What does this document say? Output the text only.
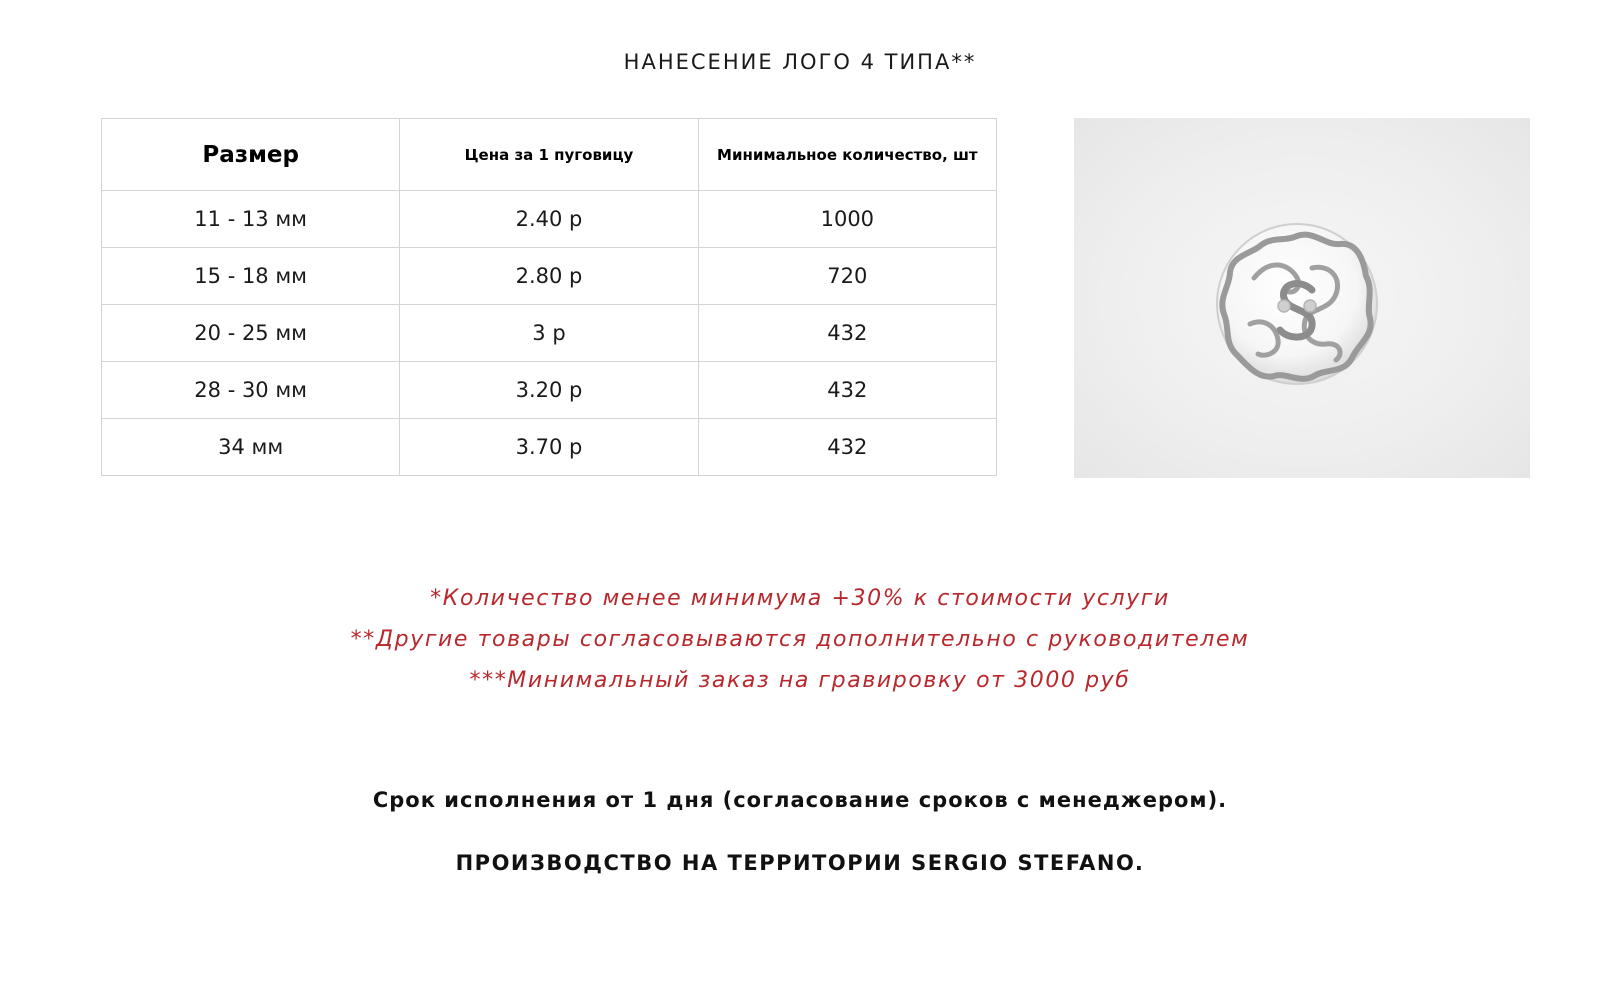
НАНЕСЕНИЕ ЛОГО 4 ТИПА**
Размер	Цена за 1 пуговицу	Минимальное количество, шт
11 - 13 мм	2.40 р	1000
15 - 18 мм	2.80 р	720
20 - 25 мм	3 р	432
28 - 30 мм	3.20 р	432
34 мм	3.70 р	432
*Количество менее минимума +30% к стоимости услуги
**Другие товары согласовываются дополнительно с руководителем
***Минимальный заказ на гравировку от 3000 руб
Срок исполнения от 1 дня (согласование сроков с менеджером).
ПРОИЗВОДСТВО НА ТЕРРИТОРИИ SERGIO STEFANO.
